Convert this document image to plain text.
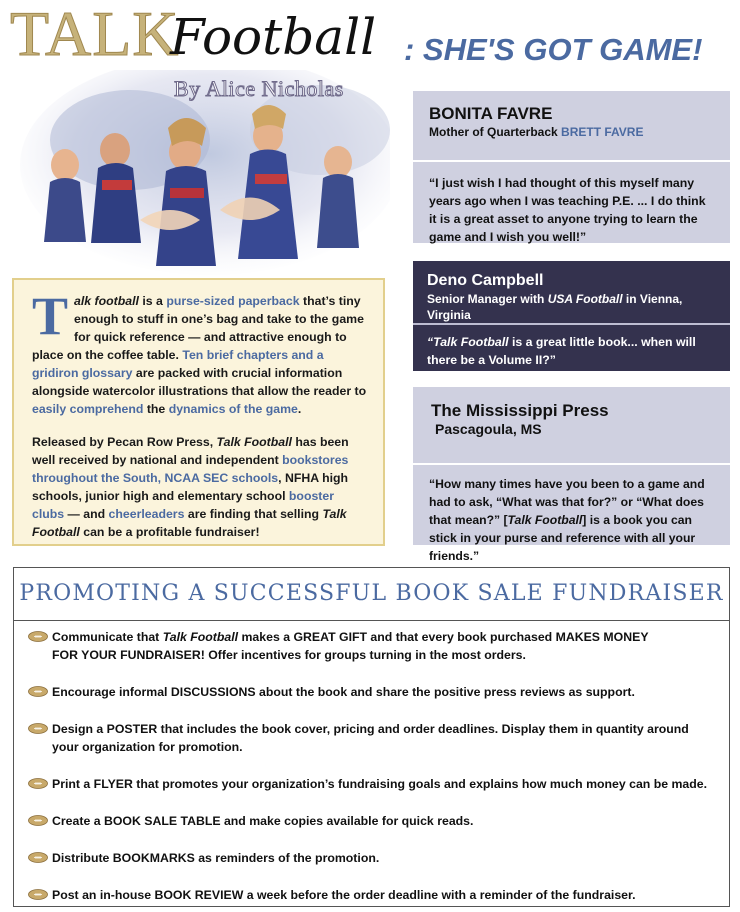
TALK
Football
By Alice Nicholas
: SHE'S GOT GAME!

Talk football is a purse-sized paperback that’s tiny enough to stuff in one’s bag and take to the game for quick reference — and attractive enough to place on the coffee table. Ten brief chapters and a gridiron glossary are packed with crucial information alongside watercolor illustrations that allow the reader to easily comprehend the dynamics of the game.

Released by Pecan Row Press, Talk Football has been well received by national and independent bookstores throughout the South, NCAA SEC schools, NFHA high schools, junior high and elementary school booster clubs — and cheerleaders are finding that selling Talk Football can be a profitable fundraiser!

BONITA FAVRE
Mother of Quarterback BRETT FAVRE
“I just wish I had thought of this myself many years ago when I was teaching P.E. ... I do think it is a great asset to anyone trying to learn the game and I wish you well!”
Deno Campbell
Senior Manager with USA Football in Vienna, Virginia
“Talk Football is a great little book... when will there be a Volume II?”
The Mississippi Press
Pascagoula, MS
“How many times have you been to a game and had to ask, “What was that for?” or “What does that mean?” [Talk Football] is a book you can stick in your purse and reference with all your friends.”
PROMOTING A SUCCESSFUL BOOK SALE FUNDRAISER
Communicate that Talk Football makes a GREAT GIFT and that every book purchased MAKES MONEY
FOR YOUR FUNDRAISER! Offer incentives for groups turning in the most orders.
Encourage informal DISCUSSIONS about the book and share the positive press reviews as support.
Design a POSTER that includes the book cover, pricing and order deadlines. Display them in quantity around
your organization for promotion.
Print a FLYER that promotes your organization’s fundraising goals and explains how much money can be made.
Create a BOOK SALE TABLE and make copies available for quick reads.
Distribute BOOKMARKS as reminders of the promotion.
Post an in-house BOOK REVIEW a week before the order deadline with a reminder of the fundraiser.
